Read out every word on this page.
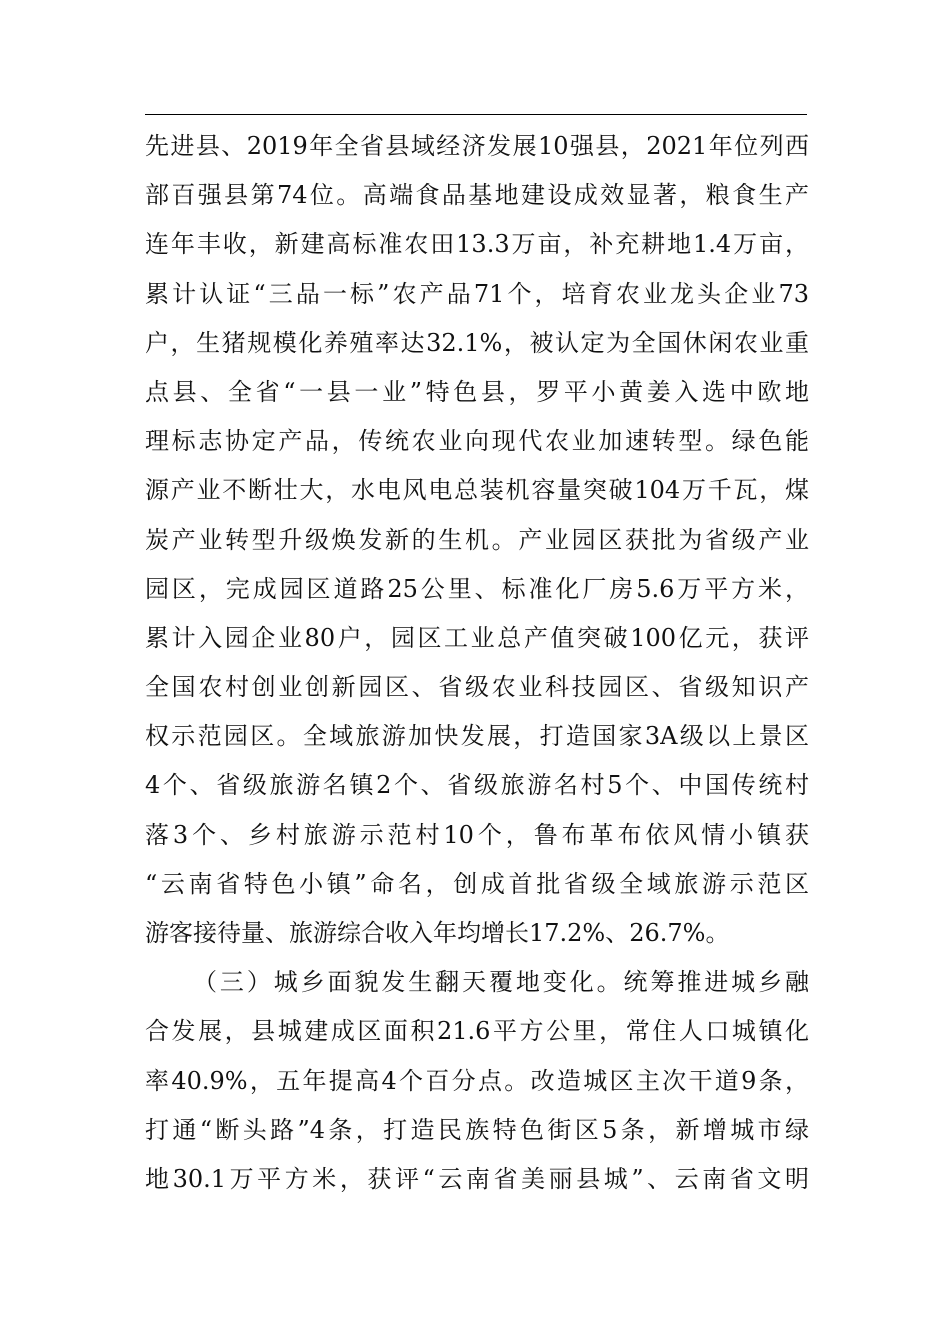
先进县、2019年全省县域经济发展10强县，2021年位列西
部百强县第74位。高端食品基地建设成效显著，粮食生产
连年丰收，新建高标准农田13.3万亩，补充耕地1.4万亩，
累计认证“三品一标”农产品71个，培育农业龙头企业73
户，生猪规模化养殖率达32.1%，被认定为全国休闲农业重
点县、全省“一县一业”特色县，罗平小黄姜入选中欧地
理标志协定产品，传统农业向现代农业加速转型。绿色能
源产业不断壮大，水电风电总装机容量突破104万千瓦，煤
炭产业转型升级焕发新的生机。产业园区获批为省级产业
园区，完成园区道路25公里、标准化厂房5.6万平方米，
累计入园企业80户，园区工业总产值突破100亿元，获评
全国农村创业创新园区、省级农业科技园区、省级知识产
权示范园区。全域旅游加快发展，打造国家3A级以上景区
4个、省级旅游名镇2个、省级旅游名村5个、中国传统村
落3个、乡村旅游示范村10个，鲁布革布依风情小镇获
“云南省特色小镇”命名，创成首批省级全域旅游示范区
游客接待量、旅游综合收入年均增长17.2%、26.7%。
（三）城乡面貌发生翻天覆地变化。统筹推进城乡融
合发展，县城建成区面积21.6平方公里，常住人口城镇化
率40.9%，五年提高4个百分点。改造城区主次干道9条，
打通“断头路”4条，打造民族特色街区5条，新增城市绿
地30.1万平方米，获评“云南省美丽县城”、云南省文明
